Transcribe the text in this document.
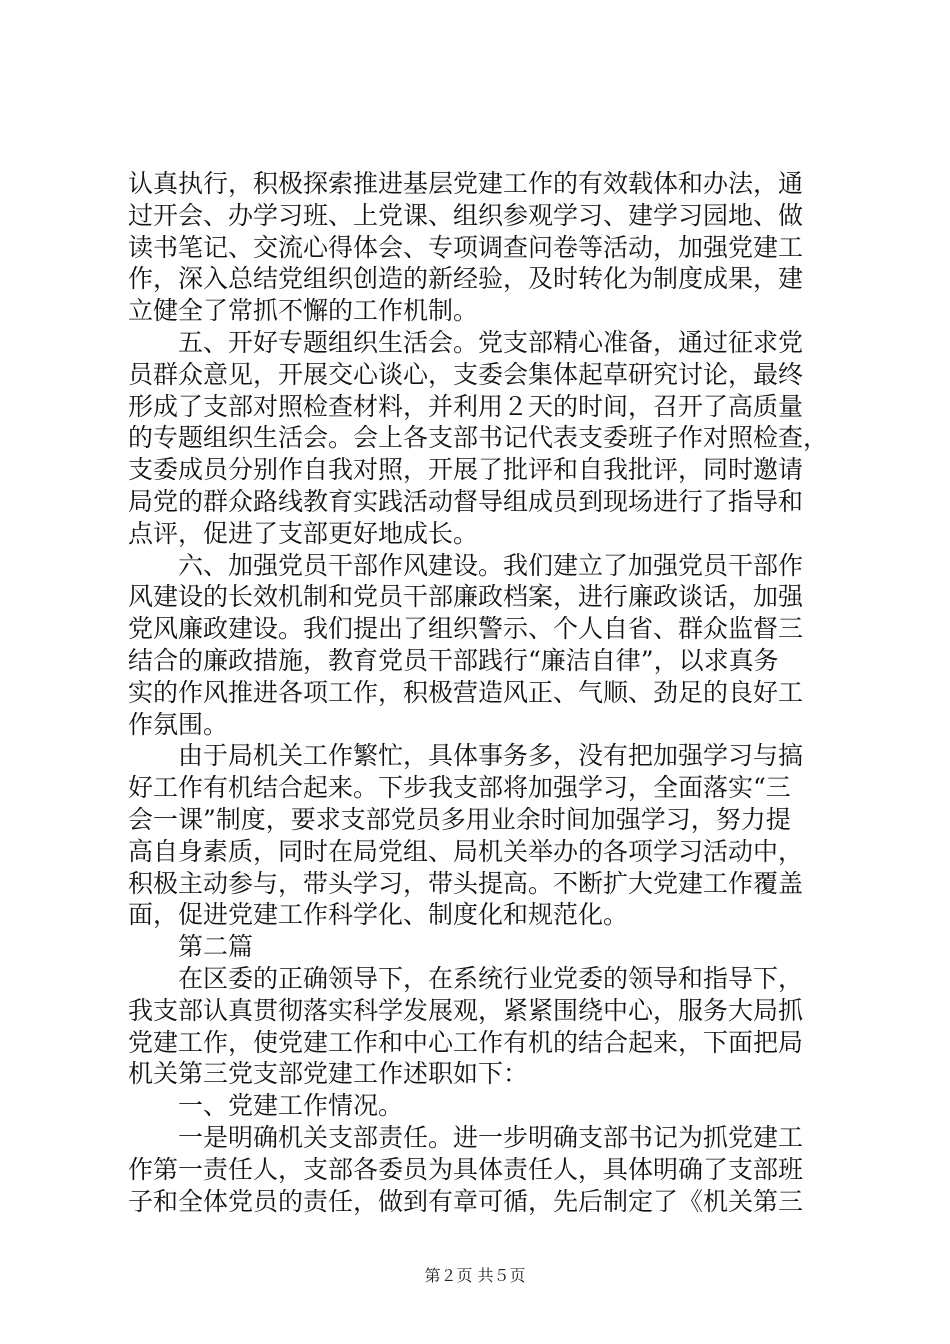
认真执行，积极探索推进基层党建工作的有效载体和办法，通
过开会、办学习班、上党课、组织参观学习、建学习园地、做
读书笔记、交流心得体会、专项调查问卷等活动，加强党建工
作，深入总结党组织创造的新经验，及时转化为制度成果，建
立健全了常抓不懈的工作机制。
五、开好专题组织生活会。党支部精心准备，通过征求党
员群众意见，开展交心谈心，支委会集体起草研究讨论，最终
形成了支部对照检查材料，并利用２天的时间，召开了高质量
的专题组织生活会。会上各支部书记代表支委班子作对照检查，
支委成员分别作自我对照，开展了批评和自我批评，同时邀请
局党的群众路线教育实践活动督导组成员到现场进行了指导和
点评，促进了支部更好地成长。
六、加强党员干部作风建设。我们建立了加强党员干部作
风建设的长效机制和党员干部廉政档案，进行廉政谈话，加强
党风廉政建设。我们提出了组织警示、个人自省、群众监督三
结合的廉政措施，教育党员干部践行“廉洁自律”，以求真务
实的作风推进各项工作，积极营造风正、气顺、劲足的良好工
作氛围。
由于局机关工作繁忙，具体事务多，没有把加强学习与搞
好工作有机结合起来。下步我支部将加强学习，全面落实“三
会一课”制度，要求支部党员多用业余时间加强学习，努力提
高自身素质，同时在局党组、局机关举办的各项学习活动中，
积极主动参与，带头学习，带头提高。不断扩大党建工作覆盖
面，促进党建工作科学化、制度化和规范化。
第二篇
在区委的正确领导下，在系统行业党委的领导和指导下，
我支部认真贯彻落实科学发展观，紧紧围绕中心，服务大局抓
党建工作，使党建工作和中心工作有机的结合起来，下面把局
机关第三党支部党建工作述职如下：
一、党建工作情况。
一是明确机关支部责任。进一步明确支部书记为抓党建工
作第一责任人，支部各委员为具体责任人，具体明确了支部班
子和全体党员的责任，做到有章可循，先后制定了《机关第三
第２页 共５页
